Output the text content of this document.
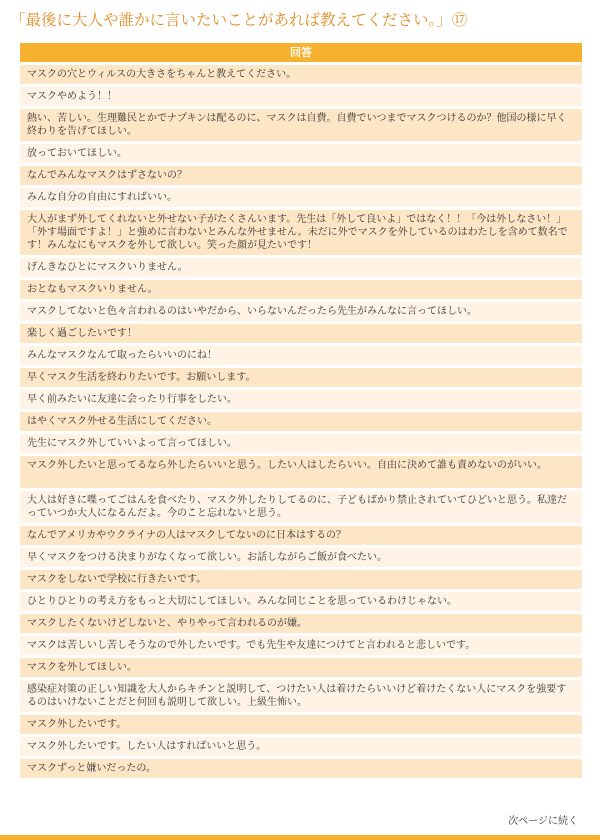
「最後に大人や誰かに言いたいことがあれば教えてください。」⑰
回答
マスクの穴とウィルスの大きさをちゃんと教えてください。
マスクやめよう！！
熱い、苦しい。生理難民とかでナプキンは配るのに、マスクは自費。自費でいつまでマスクつけるのか？他国の様に早く終わりを告げてほしい。
放っておいてほしい。
なんでみんなマスクはずさないの？
みんな自分の自由にすればいい。
大人がまず外してくれないと外せない子がたくさんいます。先生は「外して良いよ」ではなく！！「今は外しなさい！」「外す場面ですよ！」と強めに言わないとみんな外せません。未だに外でマスクを外しているのはわたしを含めて数名です！みんなにもマスクを外して欲しい。笑った顔が見たいです！
げんきなひとにマスクいりません。
おとなもマスクいりません。
マスクしてないと色々言われるのはいやだから、いらないんだったら先生がみんなに言ってほしい。
楽しく過ごしたいです！
みんなマスクなんて取ったらいいのにね！
早くマスク生活を終わりたいです。お願いします。
早く前みたいに友達に会ったり行事をしたい。
はやくマスク外せる生活にしてください。
先生にマスク外していいよって言ってほしい。
マスク外したいと思ってるなら外したらいいと思う。したい人はしたらいい。自由に決めて誰も責めないのがいい。
大人は好きに喋ってごはんを食べたり、マスク外したりしてるのに、子どもばかり禁止されていてひどいと思う。私達だっていつか大人になるんだよ。今のこと忘れないと思う。
なんでアメリカやウクライナの人はマスクしてないのに日本はするの？
早くマスクをつける決まりがなくなって欲しい。お話しながらご飯が食べたい。
マスクをしないで学校に行きたいです。
ひとりひとりの考え方をもっと大切にしてほしい。みんな同じことを思っているわけじゃない。
マスクしたくないけどしないと、やりやって言われるのが嫌。
マスクは苦しいし苦しそうなので外したいです。でも先生や友達につけてと言われると悲しいです。
マスクを外してほしい。
感染症対策の正しい知識を大人からキチンと説明して、つけたい人は着けたらいいけど着けたくない人にマスクを強要するのはいけないことだと何回も説明して欲しい。上級生怖い。
マスク外したいです。
マスク外したいです。したい人はすればいいと思う。
マスクずっと嫌いだったの。
次ページに続く
